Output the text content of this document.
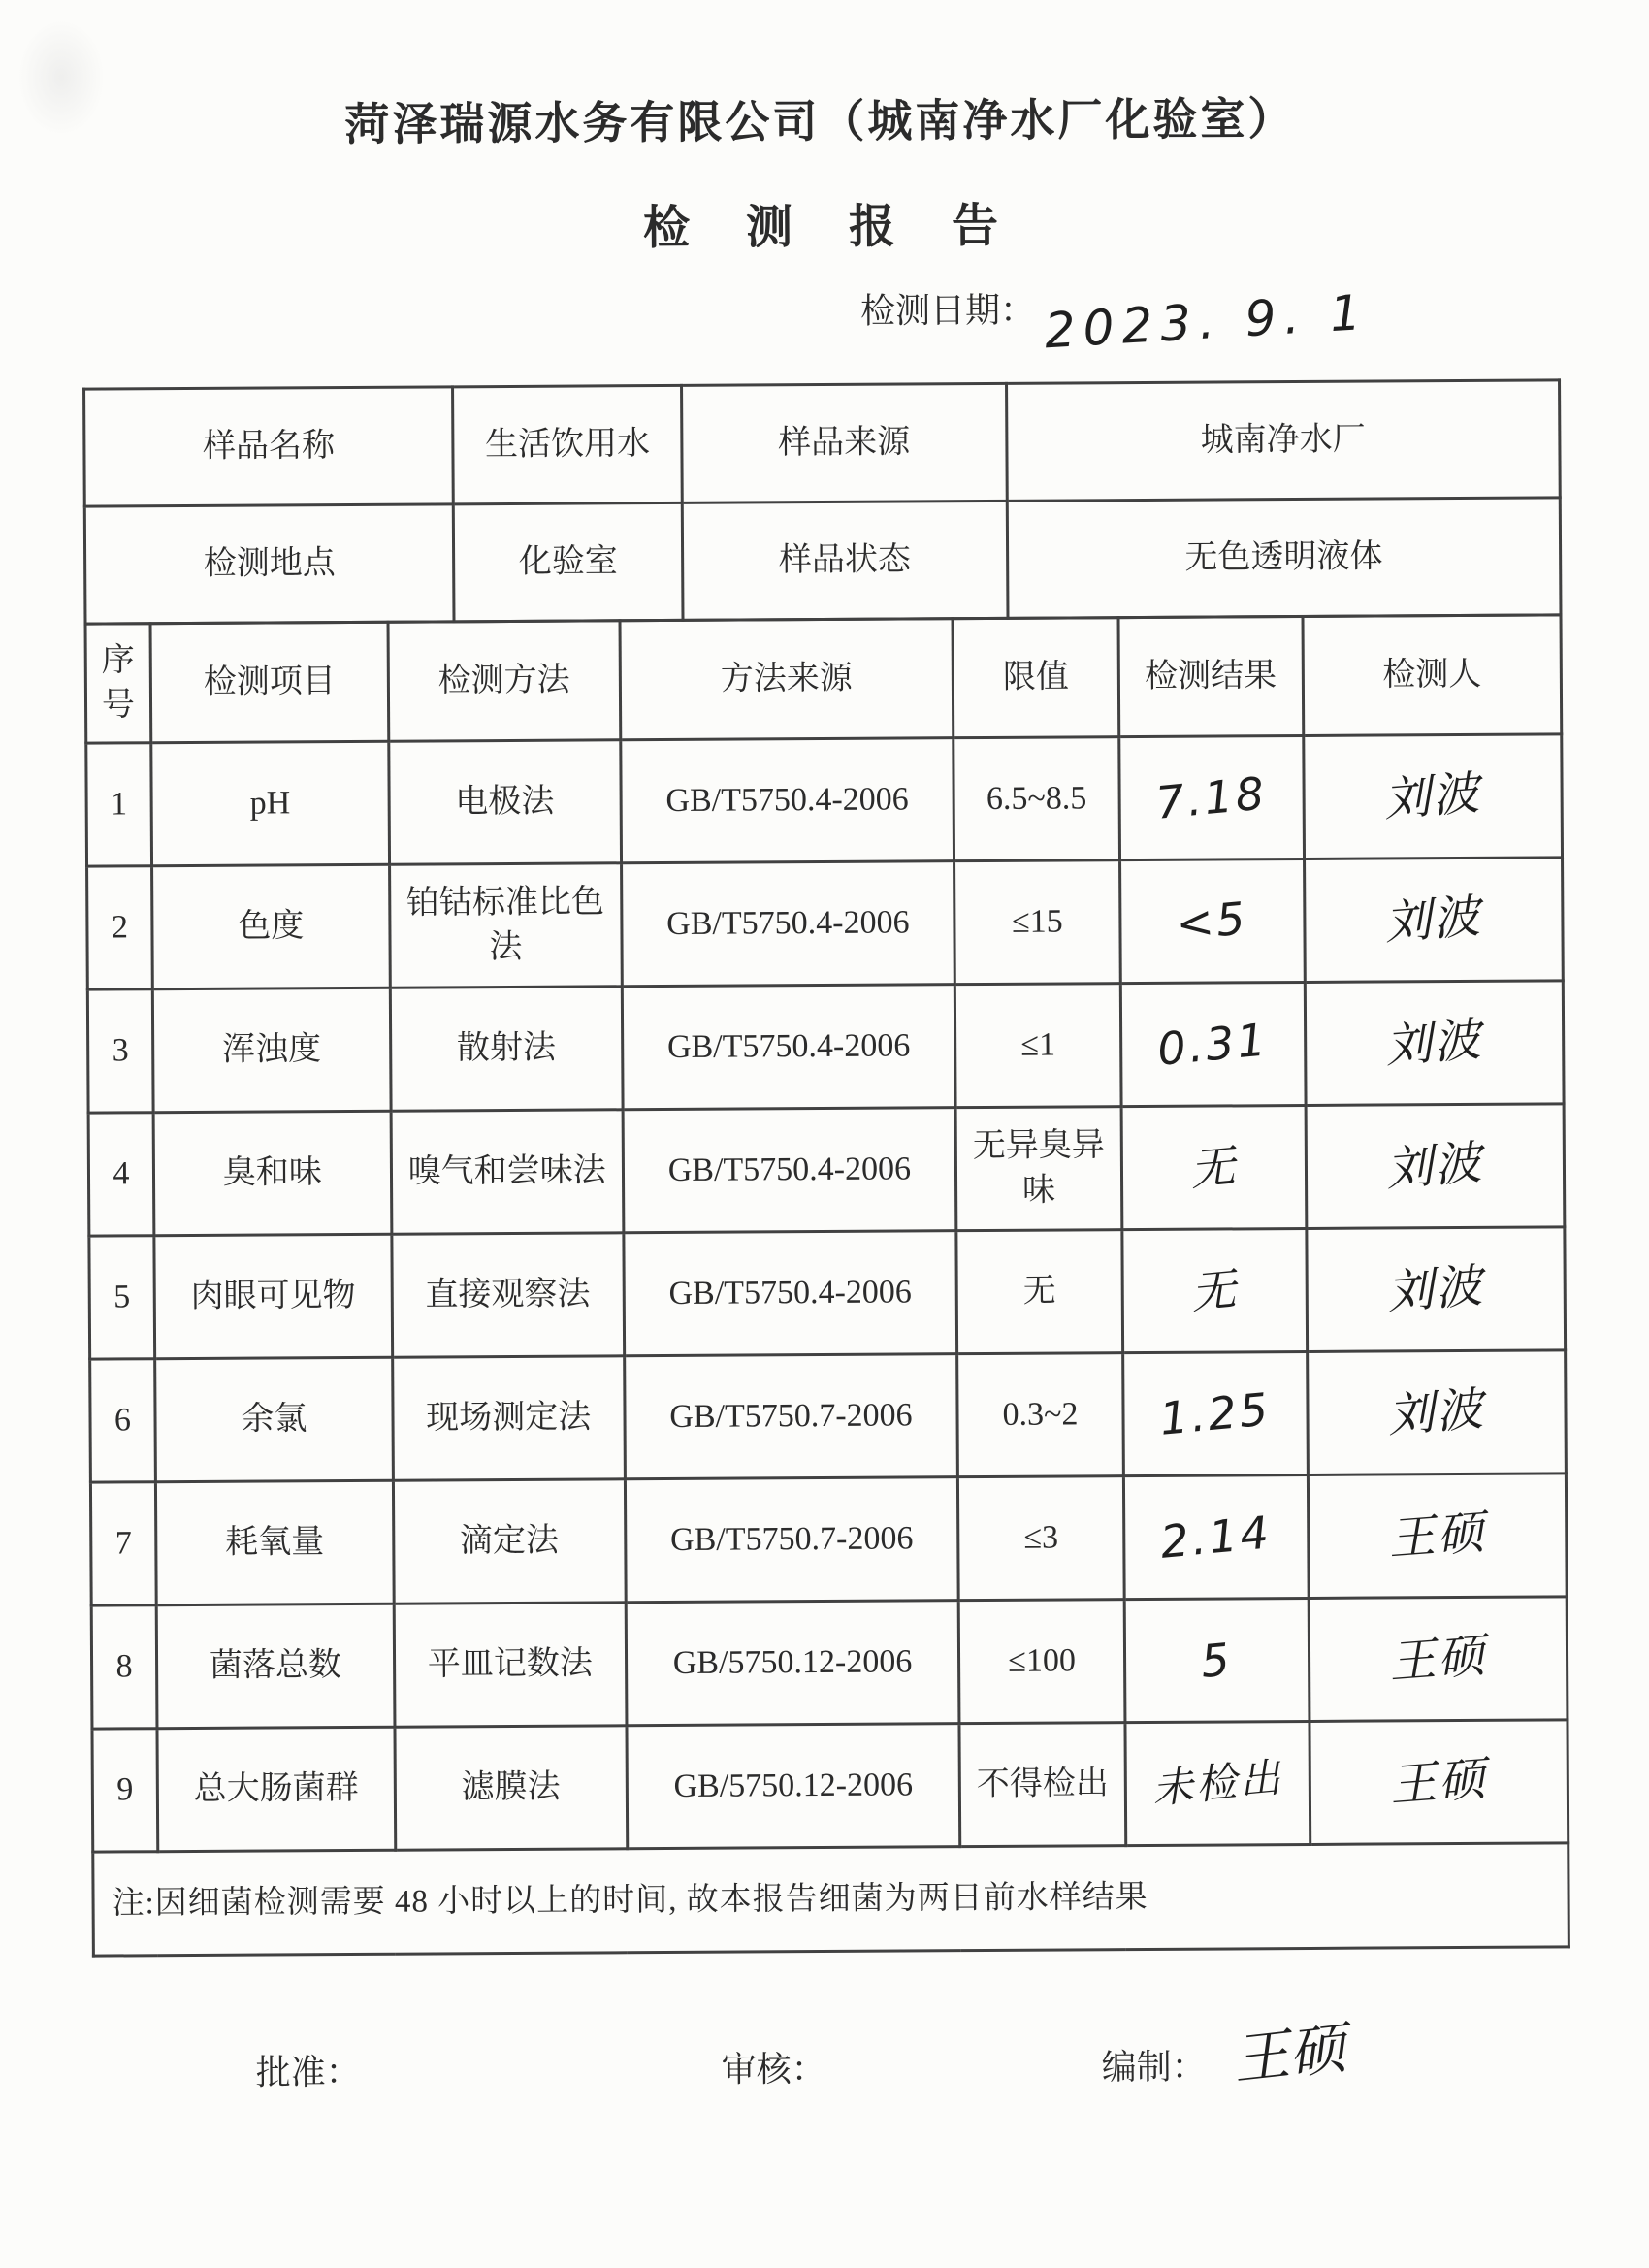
菏泽瑞源水务有限公司（城南净水厂化验室）
检测报告
检测日期： 2023. 9. 1
样品名称	生活饮用水	样品来源	城南净水厂
检测地点	化验室	样品状态	无色透明液体
序号	检测项目	检测方法	方法来源	限值	检测结果	检测人
1	pH	电极法	GB/T5750.4-2006	6.5~8.5	7.18	刘波
2	色度	铂钴标准比色法	GB/T5750.4-2006	≤15	<5	刘波
3	浑浊度	散射法	GB/T5750.4-2006	≤1	0.31	刘波
4	臭和味	嗅气和尝味法	GB/T5750.4-2006	无异臭异味	无	刘波
5	肉眼可见物	直接观察法	GB/T5750.4-2006	无	无	刘波
6	余氯	现场测定法	GB/T5750.7-2006	0.3~2	1.25	刘波
7	耗氧量	滴定法	GB/T5750.7-2006	≤3	2.14	王硕
8	菌落总数	平皿记数法	GB/5750.12-2006	≤100	5	王硕
9	总大肠菌群	滤膜法	GB/5750.12-2006	不得检出	未检出	王硕
注:因细菌检测需要 48 小时以上的时间, 故本报告细菌为两日前水样结果						
批准：	审核：	编制： 王硕
